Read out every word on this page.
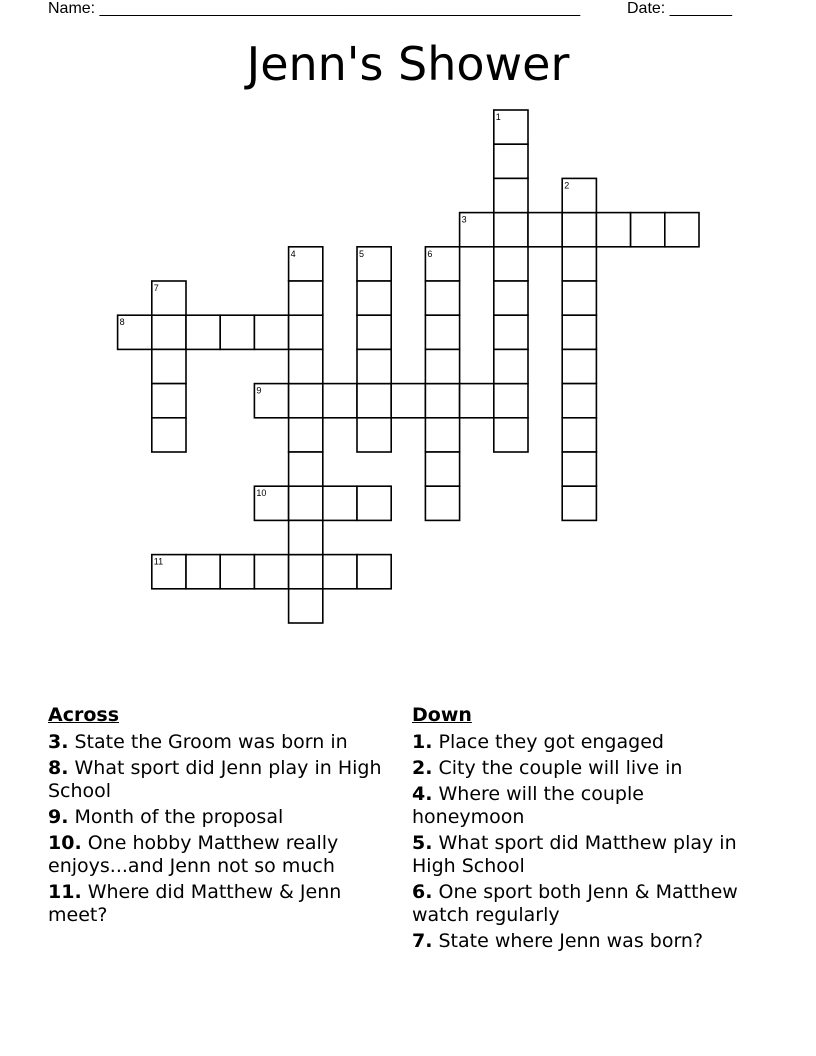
Name: ______________________________________________________	Date: _______
Jenn's Shower
3
8
9
10
11
1
2
4	5	6
7
Across
3. State the Groom was born in
8. What sport did Jenn play in High School
9. Month of the proposal
10. One hobby Matthew really enjoys...and Jenn not so much
11. Where did Matthew & Jenn meet?
Down
1. Place they got engaged
2. City the couple will live in
4. Where will the couple honeymoon
5. What sport did Matthew play in High School
6. One sport both Jenn & Matthew watch regularly
7. State where Jenn was born?
